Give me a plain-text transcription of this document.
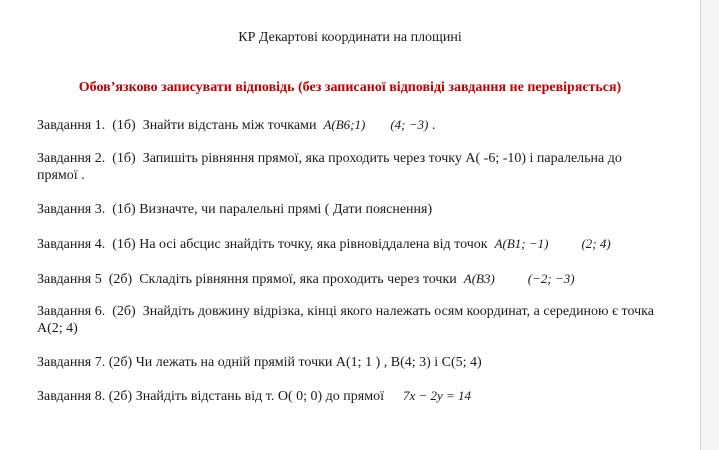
КР Декартові координати на площині
Обов’язково записувати відповідь (без записаної відповіді завдання не перевіряється)
Завдання 1. (1б) Знайти відстань між точками A(B6;1) (4; −3) .
Завдання 2. (1б) Запишіть рівняння прямої, яка проходить через точку А( -6; -10) і паралельна до
прямої .
Завдання 3. (1б) Визначте, чи паралельні прямі ( Дати пояснення)
Завдання 4. (1б) На осі абсцис знайдіть точку, яка рівновіддалена від точок A(B1; −1)	(2; 4)
Завдання 5 (2б) Складіть рівняння прямої, яка проходить через точки A(B3)	(−2; −3)
Завдання 6. (2б) Знайдіть довжину відрізка, кінці якого належать осям координат, а серединою є точка
А(2; 4)
Завдання 7. (2б) Чи лежать на одній прямій точки А(1; 1 ) , В(4; 3) і С(5; 4)
Завдання 8. (2б) Знайдіть відстань від т. О( 0; 0) до прямої 7x − 2y = 14
